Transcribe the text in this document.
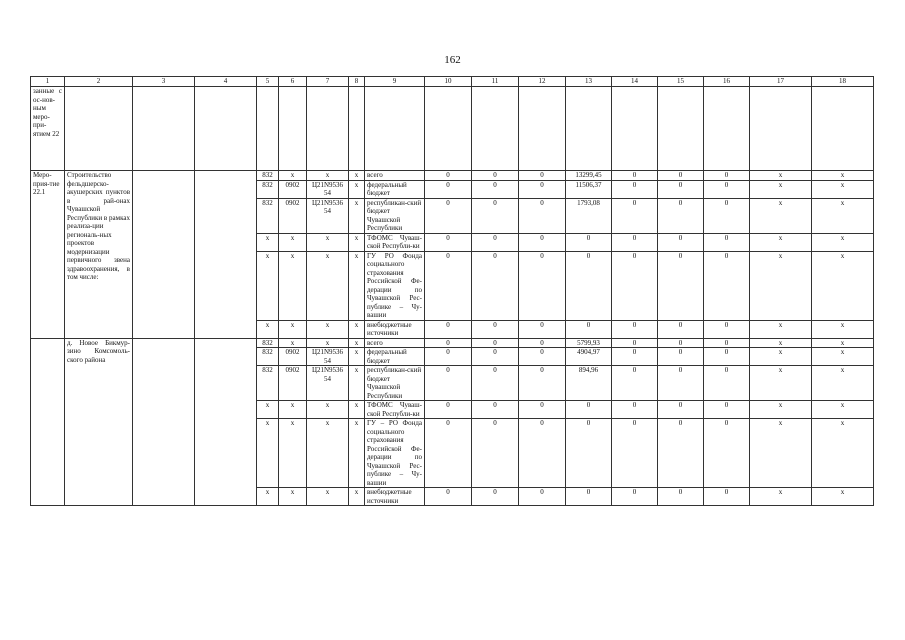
162
1	2	3	4	5	6	7	8	9	10	11	12	13	14	15	16	17	18
занные с ос-нов-ным меро-при-ятием 22																	
Меро-прия-тие 22.1	Строительство фельдшерско-акушерских пунктов в рай-онах Чувашской Республики в рамках реализа-ции региональ-ных проектов модернизации первичного звена здравоохранения, в том числе:			832	x	x	x	всего	0	0	0	13299,45	0	0	0	x	x
				832	0902	Ц21N9536 54	x	федеральный бюджет	0	0	0	11506,37	0	0	0	x	x
				832	0902	Ц21N9536 54	x	республикан-ский бюджет Чувашской Республики	0	0	0	1793,08	0	0	0	x	x
				x	x	x	x	ТФОМС Чуваш-ской Республи-ки	0	0	0	0	0	0	0	x	x
				x	x	x	x	ГУ РО Фонда социального страхования Российской Фе-дерации по Чувашской Рес-публике – Чу-вашии	0	0	0	0	0	0	0	x	x
				x	x	x	x	внебюджетные источники	0	0	0	0	0	0	0	x	x
	д. Новое Бикмур-зино Комсомоль-ского района			832	x	x	x	всего	0	0	0	5799,93	0	0	0	x	x
				832	0902	Ц21N9536 54	x	федеральный бюджет	0	0	0	4904,97	0	0	0	x	x
				832	0902	Ц21N9536 54	x	республикан-ский бюджет Чувашской Республики	0	0	0	894,96	0	0	0	x	x
				x	x	x	x	ТФОМС Чуваш-ской Республи-ки	0	0	0	0	0	0	0	x	x
				x	x	x	x	ГУ – РО Фонда социального страхования Российской Фе-дерации по Чувашской Рес-публике – Чу-вашии	0	0	0	0	0	0	0	x	x
				x	x	x	x	внебюджетные источники	0	0	0	0	0	0	0	x	x
